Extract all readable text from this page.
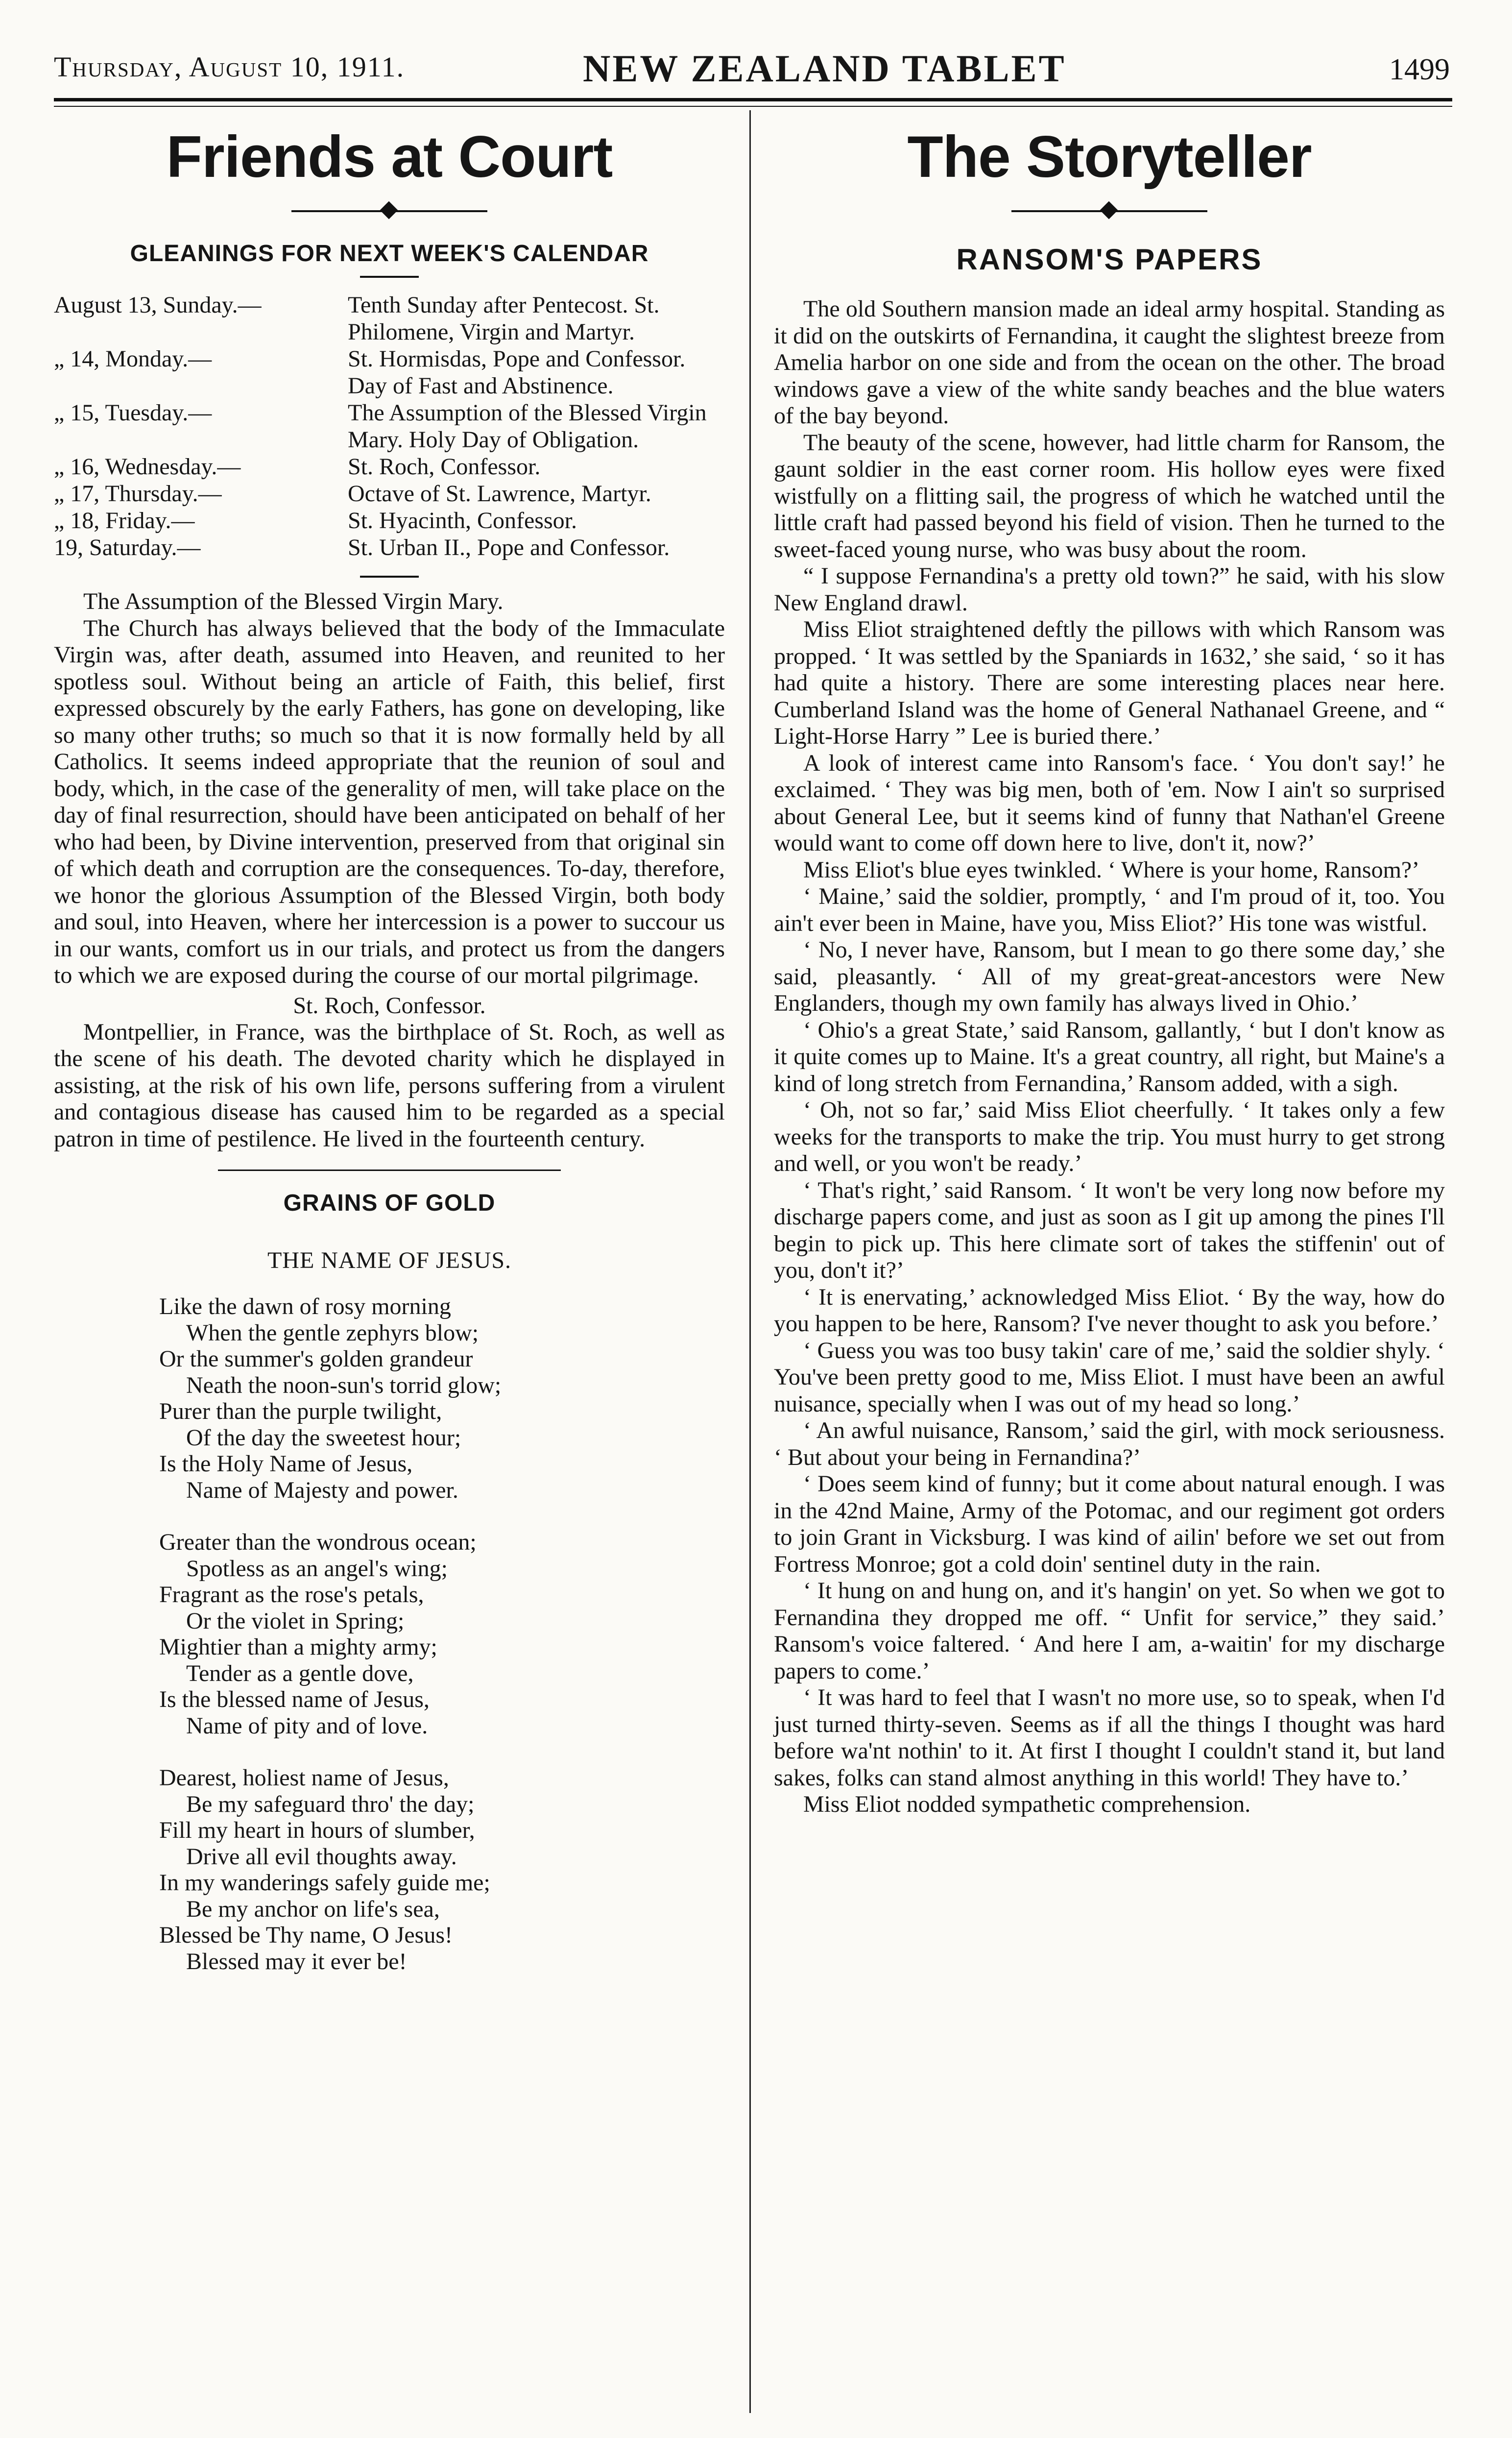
Thursday, August 10, 1911.	NEW ZEALAND TABLET	1499
Friends at Court
GLEANINGS FOR NEXT WEEK'S CALENDAR
August 13, Sunday.—	Tenth Sunday after Pentecost. St. Philomene, Virgin and Martyr.
„ 14, Monday.—	St. Hormisdas, Pope and Confessor. Day of Fast and Abstinence.
„ 15, Tuesday.—	The Assumption of the Blessed Virgin Mary. Holy Day of Obligation.
„ 16, Wednesday.—	St. Roch, Confessor.
„ 17, Thursday.—	Octave of St. Lawrence, Martyr.
„ 18, Friday.—	St. Hyacinth, Confessor.
19, Saturday.—	St. Urban II., Pope and Confessor.

The Assumption of the Blessed Virgin Mary.

The Church has always believed that the body of the Immaculate Virgin was, after death, assumed into Heaven, and reunited to her spotless soul. Without being an article of Faith, this belief, first expressed obscurely by the early Fathers, has gone on developing, like so many other truths; so much so that it is now formally held by all Catholics. It seems indeed appropriate that the reunion of soul and body, which, in the case of the generality of men, will take place on the day of final resurrection, should have been anticipated on behalf of her who had been, by Divine intervention, preserved from that original sin of which death and corruption are the consequences. To-day, therefore, we honor the glorious Assumption of the Blessed Virgin, both body and soul, into Heaven, where her intercession is a power to succour us in our wants, comfort us in our trials, and protect us from the dangers to which we are exposed during the course of our mortal pilgrimage.

St. Roch, Confessor.

Montpellier, in France, was the birthplace of St. Roch, as well as the scene of his death. The devoted charity which he displayed in assisting, at the risk of his own life, persons suffering from a virulent and contagious disease has caused him to be regarded as a special patron in time of pestilence. He lived in the fourteenth century.

GRAINS OF GOLD
THE NAME OF JESUS.
Like the dawn of rosy morning
When the gentle zephyrs blow;
Or the summer's golden grandeur
Neath the noon-sun's torrid glow;
Purer than the purple twilight,
Of the day the sweetest hour;
Is the Holy Name of Jesus,
Name of Majesty and power.
Greater than the wondrous ocean;
Spotless as an angel's wing;
Fragrant as the rose's petals,
Or the violet in Spring;
Mightier than a mighty army;
Tender as a gentle dove,
Is the blessed name of Jesus,
Name of pity and of love.
Dearest, holiest name of Jesus,
Be my safeguard thro' the day;
Fill my heart in hours of slumber,
Drive all evil thoughts away.
In my wanderings safely guide me;
Be my anchor on life's sea,
Blessed be Thy name, O Jesus!
Blessed may it ever be!
The Storyteller
RANSOM'S PAPERS

The old Southern mansion made an ideal army hospital. Standing as it did on the outskirts of Fernandina, it caught the slightest breeze from Amelia harbor on one side and from the ocean on the other. The broad windows gave a view of the white sandy beaches and the blue waters of the bay beyond.

The beauty of the scene, however, had little charm for Ransom, the gaunt soldier in the east corner room. His hollow eyes were fixed wistfully on a flitting sail, the progress of which he watched until the little craft had passed beyond his field of vision. Then he turned to the sweet-faced young nurse, who was busy about the room.

“ I suppose Fernandina's a pretty old town?” he said, with his slow New England drawl.

Miss Eliot straightened deftly the pillows with which Ransom was propped. ‘ It was settled by the Spaniards in 1632,’ she said, ‘ so it has had quite a history. There are some interesting places near here. Cumberland Island was the home of General Nathanael Greene, and “ Light-Horse Harry ” Lee is buried there.’

A look of interest came into Ransom's face. ‘ You don't say!’ he exclaimed. ‘ They was big men, both of 'em. Now I ain't so surprised about General Lee, but it seems kind of funny that Nathan'el Greene would want to come off down here to live, don't it, now?’

Miss Eliot's blue eyes twinkled. ‘ Where is your home, Ransom?’

‘ Maine,’ said the soldier, promptly, ‘ and I'm proud of it, too. You ain't ever been in Maine, have you, Miss Eliot?’ His tone was wistful.

‘ No, I never have, Ransom, but I mean to go there some day,’ she said, pleasantly. ‘ All of my great-great-ancestors were New Englanders, though my own family has always lived in Ohio.’

‘ Ohio's a great State,’ said Ransom, gallantly, ‘ but I don't know as it quite comes up to Maine. It's a great country, all right, but Maine's a kind of long stretch from Fernandina,’ Ransom added, with a sigh.

‘ Oh, not so far,’ said Miss Eliot cheerfully. ‘ It takes only a few weeks for the transports to make the trip. You must hurry to get strong and well, or you won't be ready.’

‘ That's right,’ said Ransom. ‘ It won't be very long now before my discharge papers come, and just as soon as I git up among the pines I'll begin to pick up. This here climate sort of takes the stiffenin' out of you, don't it?’

‘ It is enervating,’ acknowledged Miss Eliot. ‘ By the way, how do you happen to be here, Ransom? I've never thought to ask you before.’

‘ Guess you was too busy takin' care of me,’ said the soldier shyly. ‘ You've been pretty good to me, Miss Eliot. I must have been an awful nuisance, specially when I was out of my head so long.’

‘ An awful nuisance, Ransom,’ said the girl, with mock seriousness. ‘ But about your being in Fernandina?’

‘ Does seem kind of funny; but it come about natural enough. I was in the 42nd Maine, Army of the Potomac, and our regiment got orders to join Grant in Vicksburg. I was kind of ailin' before we set out from Fortress Monroe; got a cold doin' sentinel duty in the rain.

‘ It hung on and hung on, and it's hangin' on yet. So when we got to Fernandina they dropped me off. “ Unfit for service,” they said.’ Ransom's voice faltered. ‘ And here I am, a-waitin' for my discharge papers to come.’

‘ It was hard to feel that I wasn't no more use, so to speak, when I'd just turned thirty-seven. Seems as if all the things I thought was hard before wa'nt nothin' to it. At first I thought I couldn't stand it, but land sakes, folks can stand almost anything in this world! They have to.’

Miss Eliot nodded sympathetic comprehension.
